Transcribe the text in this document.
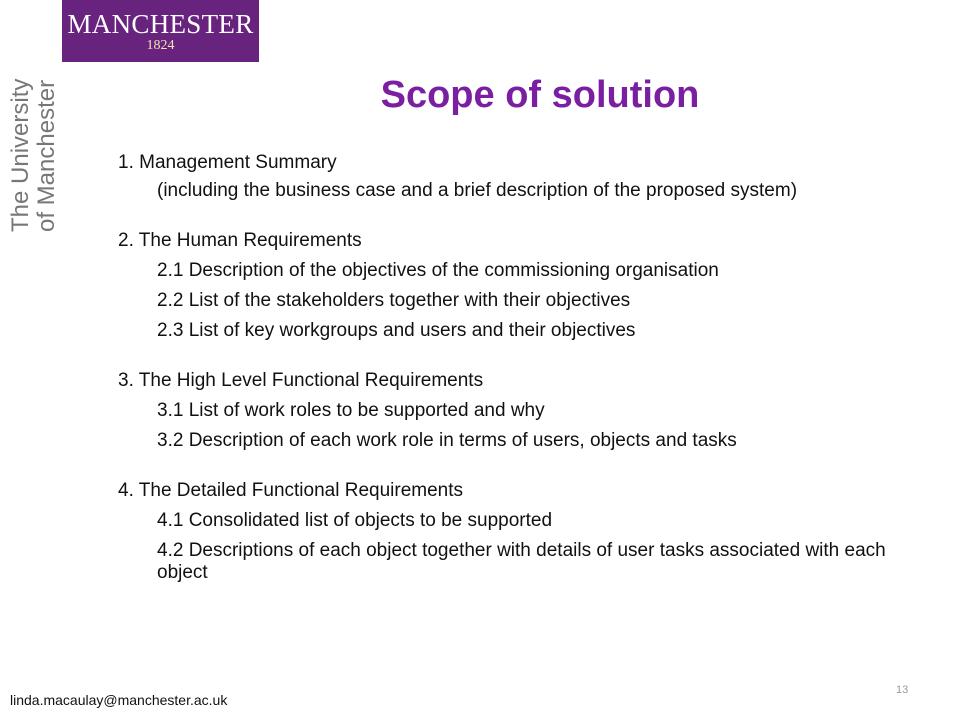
MANCHESTER
1824
The University of Manchester	Scope of solution
1. Management Summary
(including the business case and a brief description of the proposed system)
2. The Human Requirements
2.1 Description of the objectives of the commissioning organisation
2.2 List of the stakeholders together with their objectives
2.3 List of key workgroups and users and their objectives
3. The High Level Functional Requirements
3.1 List of work roles to be supported and why
3.2 Description of each work role in terms of users, objects and tasks
4. The Detailed Functional Requirements
4.1 Consolidated list of objects to be supported
4.2 Descriptions of each object together with details of user tasks associated with each object
linda.macaulay@manchester.ac.uk
13
